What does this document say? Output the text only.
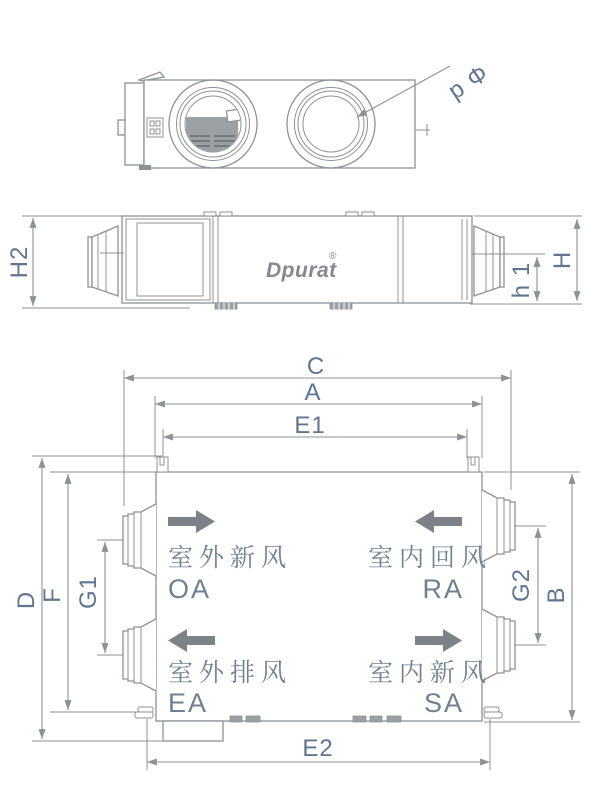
p Φ
Dpurat
®
H2	h 1
H
C
A
E1
室外新风
OA
室内回风
RA
室外排风
EA
室内新风
SA
D F G1	G2 B
E2
